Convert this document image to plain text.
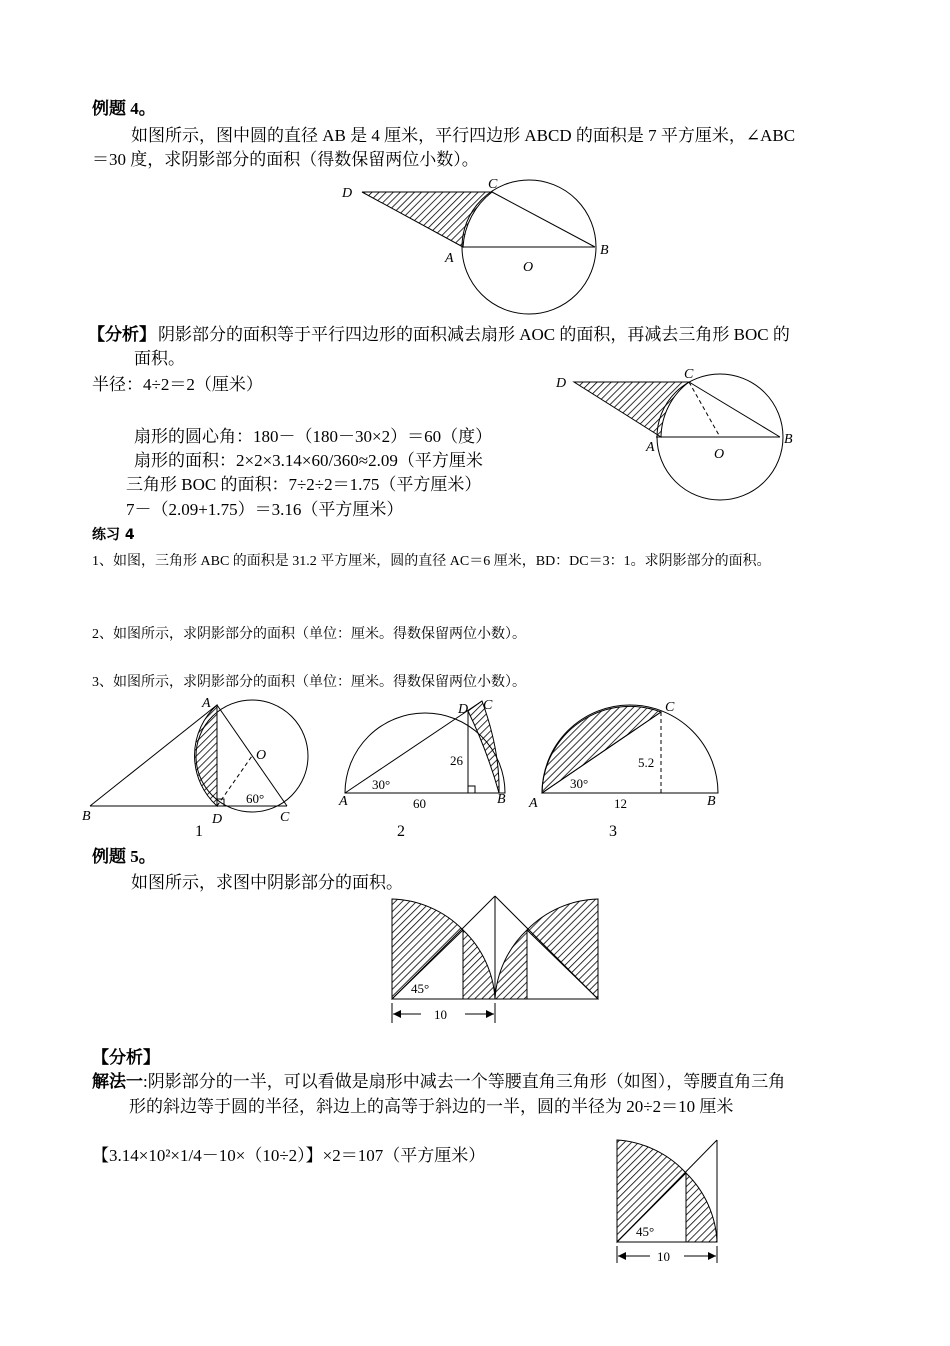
例题 4。
如图所示，图中圆的直径 AB 是 4 厘米，平行四边形 ABCD 的面积是 7 平方厘米，∠ABC
＝30 度，求阴影部分的面积（得数保留两位小数）。
D
C
B
A
O
【分析】 阴影部分的面积等于平行四边形的面积减去扇形 AOC 的面积，再减去三角形 BOC 的
面积。
半径：4÷2＝2（厘米）
扇形的圆心角：180－（180－30×2）＝60（度）
扇形的面积：2×2×3.14×60/360≈2.09（平方厘米
三角形 BOC 的面积：7÷2÷2＝1.75（平方厘米）
7－（2.09+1.75）＝3.16（平方厘米）
D
C
B
A	O
练习 4
1、如图，三角形 ABC 的面积是 31.2 平方厘米，圆的直径 AC＝6 厘米，BD：DC＝3：1。求阴影部分的面积。
2、如图所示，求阴影部分的面积（单位：厘米。得数保留两位小数）。
3、如图所示，求阴影部分的面积（单位：厘米。得数保留两位小数）。
A
O
B	D	C
60°
1
D C
A	B
26
30°
60
2
C
A	B
5.2
30°
12
3
例题 5。
如图所示，求图中阴影部分的面积。
45°
10
【分析】
解法一:阴影部分的一半，可以看做是扇形中减去一个等腰直角三角形（如图），等腰直角三角
形的斜边等于圆的半径，斜边上的高等于斜边的一半，圆的半径为 20÷2＝10 厘米
【3.14×10²×1/4－10×（10÷2）】×2＝107（平方厘米）
45°
10
